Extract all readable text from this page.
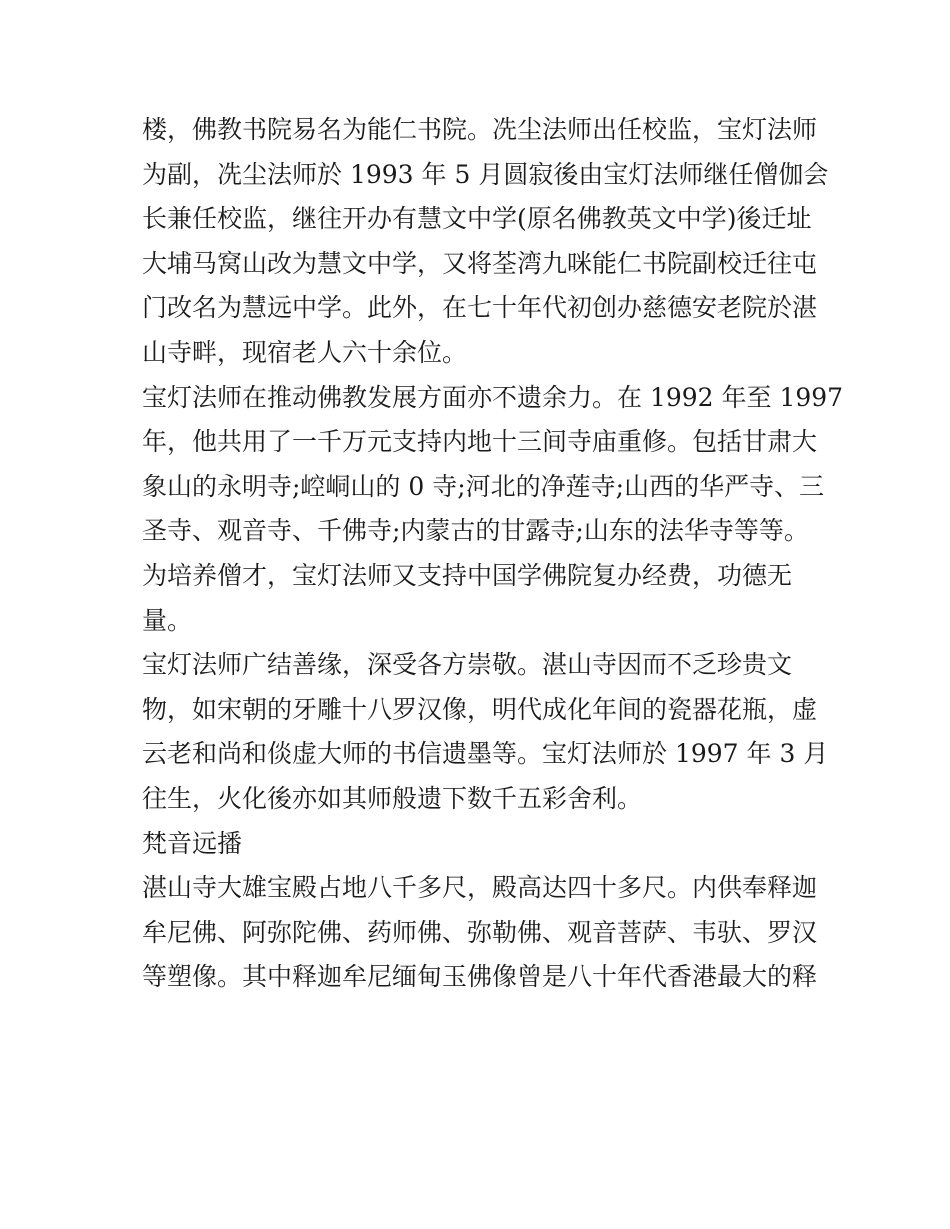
楼，佛教书院易名为能仁书院。冼尘法师出任校监，宝灯法师
为副，冼尘法师於 1993 年 5 月圆寂後由宝灯法师继任僧伽会
长兼任校监，继往开办有慧文中学(原名佛教英文中学)後迁址
大埔马窝山改为慧文中学，又将荃湾九咪能仁书院副校迁往屯
门改名为慧远中学。此外，在七十年代初创办慈德安老院於湛
山寺畔，现宿老人六十余位。
宝灯法师在推动佛教发展方面亦不遗余力。在 1992 年至 1997
年，他共用了一千万元支持内地十三间寺庙重修。包括甘肃大
象山的永明寺;崆峒山的 0 寺;河北的净莲寺;山西的华严寺、三
圣寺、观音寺、千佛寺;内蒙古的甘露寺;山东的法华寺等等。
为培养僧才，宝灯法师又支持中国学佛院复办经费，功德无
量。
宝灯法师广结善缘，深受各方崇敬。湛山寺因而不乏珍贵文
物，如宋朝的牙雕十八罗汉像，明代成化年间的瓷器花瓶，虚
云老和尚和倓虚大师的书信遗墨等。宝灯法师於 1997 年 3 月
往生，火化後亦如其师般遗下数千五彩舍利。
梵音远播
湛山寺大雄宝殿占地八千多尺，殿高达四十多尺。内供奉释迦
牟尼佛、阿弥陀佛、药师佛、弥勒佛、观音菩萨、韦驮、罗汉
等塑像。其中释迦牟尼缅甸玉佛像曾是八十年代香港最大的释
